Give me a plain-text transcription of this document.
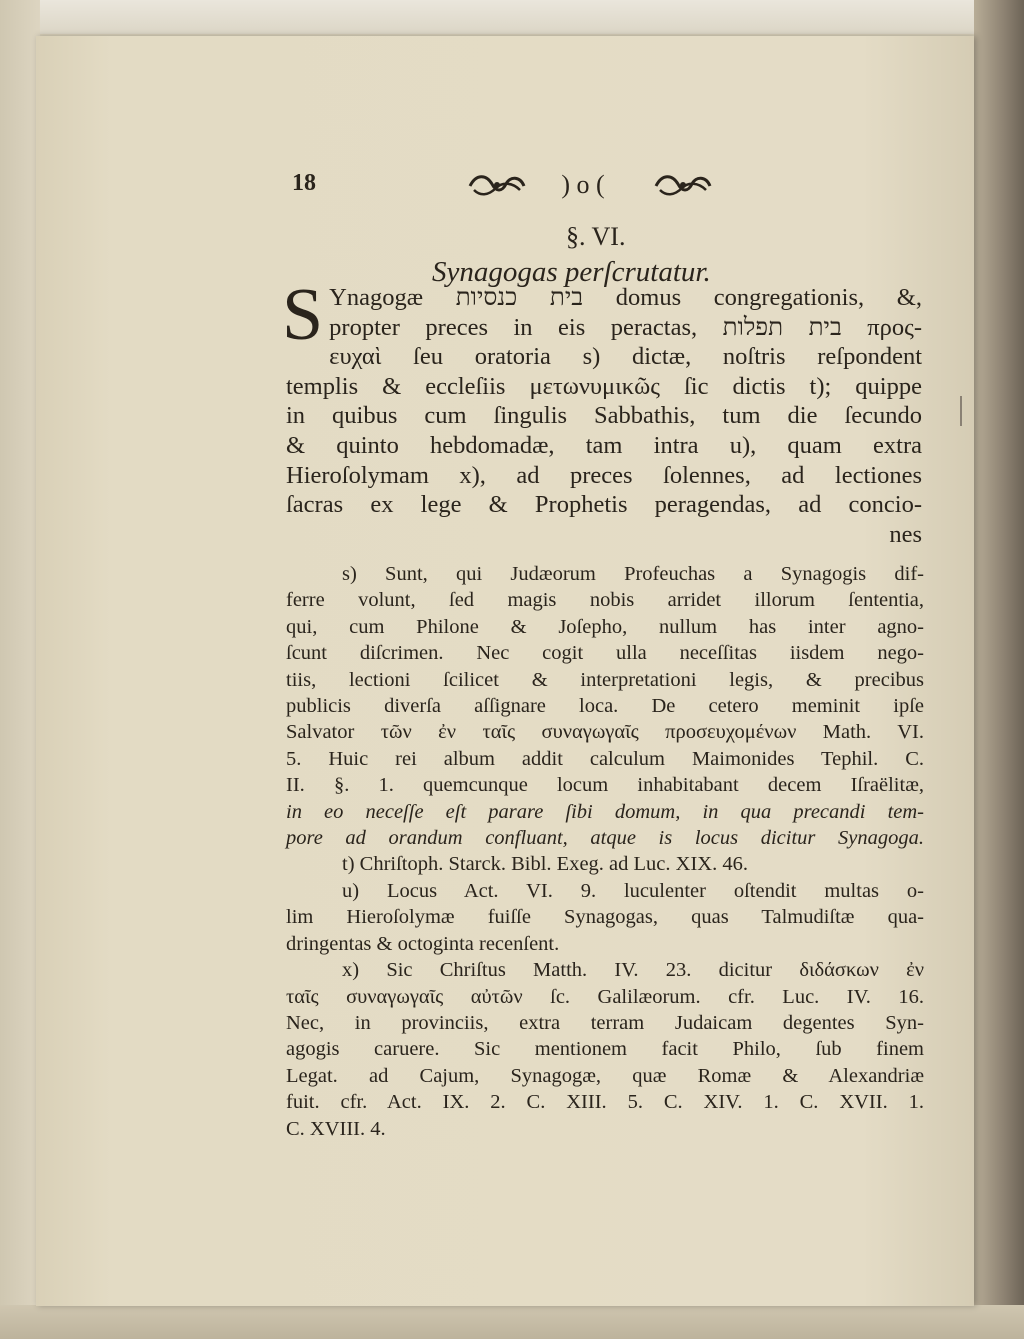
18	) o (
§. VI.
Synagogas perſcrutatur.
S Ynagogæ בית כנסיות domus congregationis, &,
propter preces in eis peractas, בית תפלות προς-
ευχαὶ ſeu oratoria s) dictæ, noſtris reſpondent
templis & eccleſiis μετωνυμικῶς ſic dictis t); quippe
in quibus cum ſingulis Sabbathis, tum die ſecundo
& quinto hebdomadæ, tam intra u), quam extra
Hieroſolymam x), ad preces ſolennes, ad lectiones
ſacras ex lege & Prophetis peragendas, ad concio-
nes
s) Sunt, qui Judæorum Profeuchas a Synagogis dif-
ferre volunt, ſed magis nobis arridet illorum ſententia,
qui, cum Philone & Joſepho, nullum has inter agno-
ſcunt diſcrimen. Nec cogit ulla neceſſitas iisdem nego-
tiis, lectioni ſcilicet & interpretationi legis, & precibus
publicis diverſa aſſignare loca. De cetero meminit ipſe
Salvator τῶν ἐν ταῖς συναγωγαῖς προσευχομένων Math. VI.
5. Huic rei album addit calculum Maimonides Tephil. C.
II. §. 1. quemcunque locum inhabitabant decem Iſraëlitæ,
in eo neceſſe eſt parare ſibi domum, in qua precandi tem-
pore ad orandum confluant, atque is locus dicitur Synagoga.
t) Chriſtoph. Starck. Bibl. Exeg. ad Luc. XIX. 46.
u) Locus Act. VI. 9. luculenter oſtendit multas o-
lim Hieroſolymæ fuiſſe Synagogas, quas Talmudiſtæ qua-
dringentas & octoginta recenſent.
x) Sic Chriſtus Matth. IV. 23. dicitur διδάσκων ἐν
ταῖς συναγωγαῖς αὐτῶν ſc. Galilæorum. cfr. Luc. IV. 16.
Nec, in provinciis, extra terram Judaicam degentes Syn-
agogis caruere. Sic mentionem facit Philo, ſub finem
Legat. ad Cajum, Synagogæ, quæ Romæ & Alexandriæ
fuit. cfr. Act. IX. 2. C. XIII. 5. C. XIV. 1. C. XVII. 1.
C. XVIII. 4.
